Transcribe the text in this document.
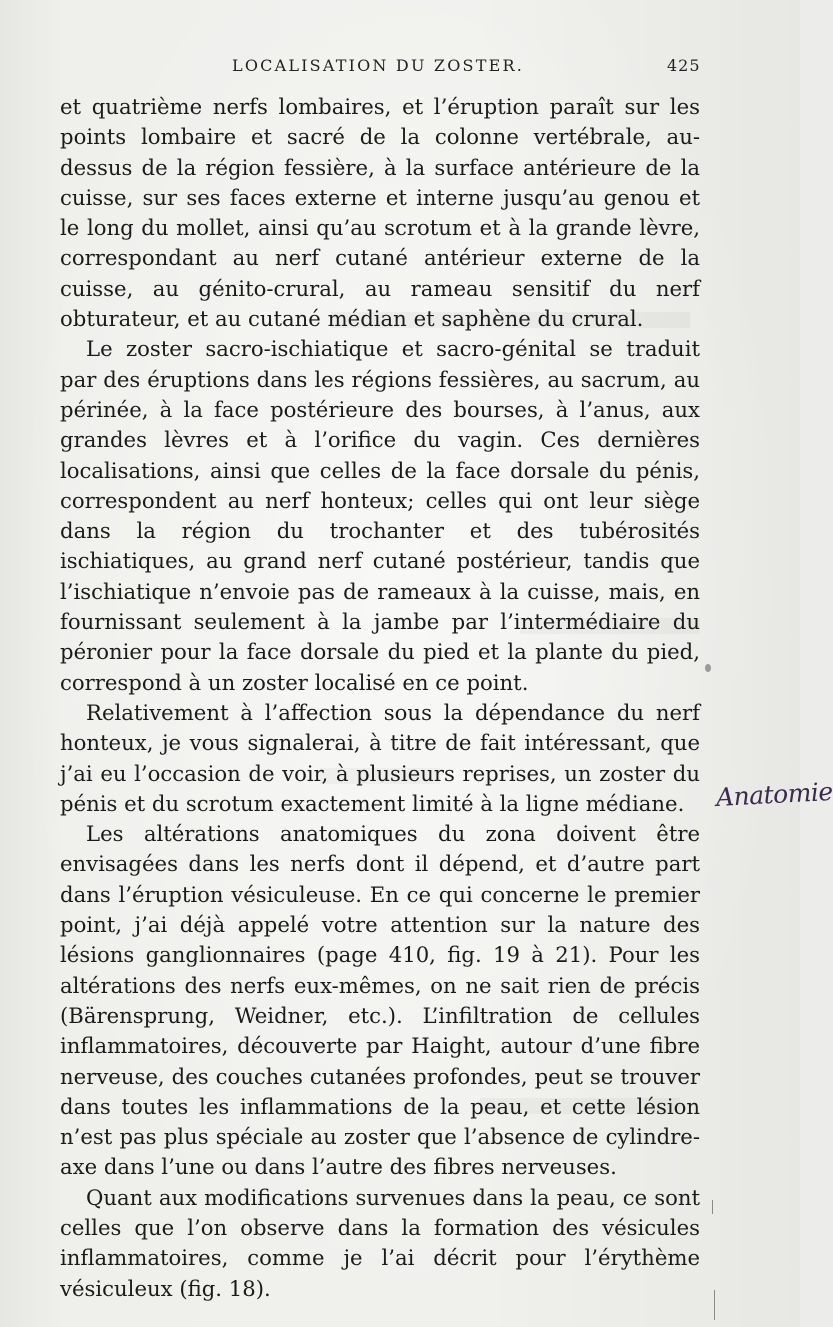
LOCALISATION DU ZOSTER.	425

et quatrième nerfs lombaires, et l’éruption paraît sur les points lombaire et sacré de la colonne vertébrale, au-dessus de la région fessière, à la surface antérieure de la cuisse, sur ses faces externe et interne jusqu’au genou et le long du mollet, ainsi qu’au scrotum et à la grande lèvre, correspondant au nerf cutané antérieur externe de la cuisse, au génito-crural, au rameau sensitif du nerf obturateur, et au cutané médian et saphène du crural.

Le zoster sacro-ischiatique et sacro-génital se traduit par des éruptions dans les régions fessières, au sacrum, au périnée, à la face postérieure des bourses, à l’anus, aux grandes lèvres et à l’orifice du vagin. Ces dernières localisations, ainsi que celles de la face dorsale du pénis, correspondent au nerf honteux; celles qui ont leur siège dans la région du trochanter et des tubérosités ischiatiques, au grand nerf cutané postérieur, tandis que l’ischiatique n’envoie pas de rameaux à la cuisse, mais, en fournissant seulement à la jambe par l’intermédiaire du péronier pour la face dorsale du pied et la plante du pied, correspond à un zoster localisé en ce point.

Relativement à l’affection sous la dépendance du nerf honteux, je vous signalerai, à titre de fait intéressant, que j’ai eu l’occasion de voir, à plusieurs reprises, un zoster du pénis et du scrotum exactement limité à la ligne médiane.

Les altérations anatomiques du zona doivent être envisagées dans les nerfs dont il dépend, et d’autre part dans l’éruption vésiculeuse. En ce qui concerne le premier point, j’ai déjà appelé votre attention sur la nature des lésions ganglionnaires (page 410, fig. 19 à 21). Pour les altérations des nerfs eux-mêmes, on ne sait rien de précis (Bärensprung, Weidner, etc.). L’infiltration de cellules inflammatoires, découverte par Haight, autour d’une fibre nerveuse, des couches cutanées profondes, peut se trouver dans toutes les inflammations de la peau, et cette lésion n’est pas plus spéciale au zoster que l’absence de cylindre-axe dans l’une ou dans l’autre des fibres nerveuses.

Quant aux modifications survenues dans la peau, ce sont celles que l’on observe dans la formation des vésicules inflammatoires, comme je l’ai décrit pour l’érythème vésiculeux (fig. 18).

Anatomie
